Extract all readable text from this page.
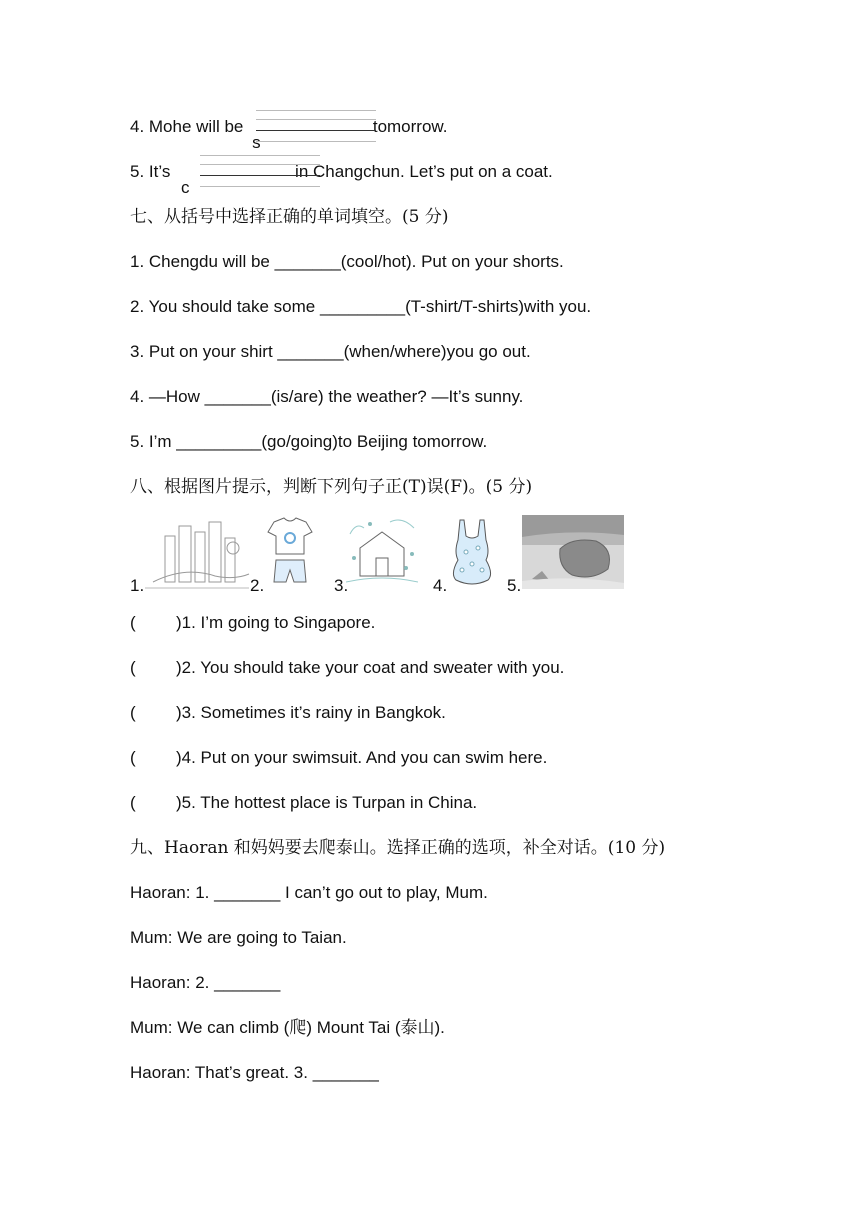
4. Mohe will be
s
tomorrow.
5. It’s
c
in Changchun. Let’s put on a coat.
七、从括号中选择正确的单词填空。(5 分)
1. Chengdu will be _______(cool/hot). Put on your shorts.
2. You should take some _________(T-shirt/T-shirts)with you.
3. Put on your shirt _______(when/where)you go out.
4. —How _______(is/are) the weather? —It’s sunny.
5. I’m _________(go/going)to Beijing tomorrow.
八、根据图片提示，判断下列句子正(T)误(F)。(5 分)
1.	2.	3.	4.	5.
( )1. I’m going to Singapore.
( )2. You should take your coat and sweater with you.
( )3. Sometimes it’s rainy in Bangkok.
( )4. Put on your swimsuit. And you can swim here.
( )5. The hottest place is Turpan in China.
九、Haoran 和妈妈要去爬泰山。选择正确的选项，补全对话。(10 分)
Haoran: 1. _______ I can’t go out to play, Mum.
Mum: We are going to Taian.
Haoran: 2. _______
Mum: We can climb (爬) Mount Tai (泰山).
Haoran: That’s great. 3. _______
